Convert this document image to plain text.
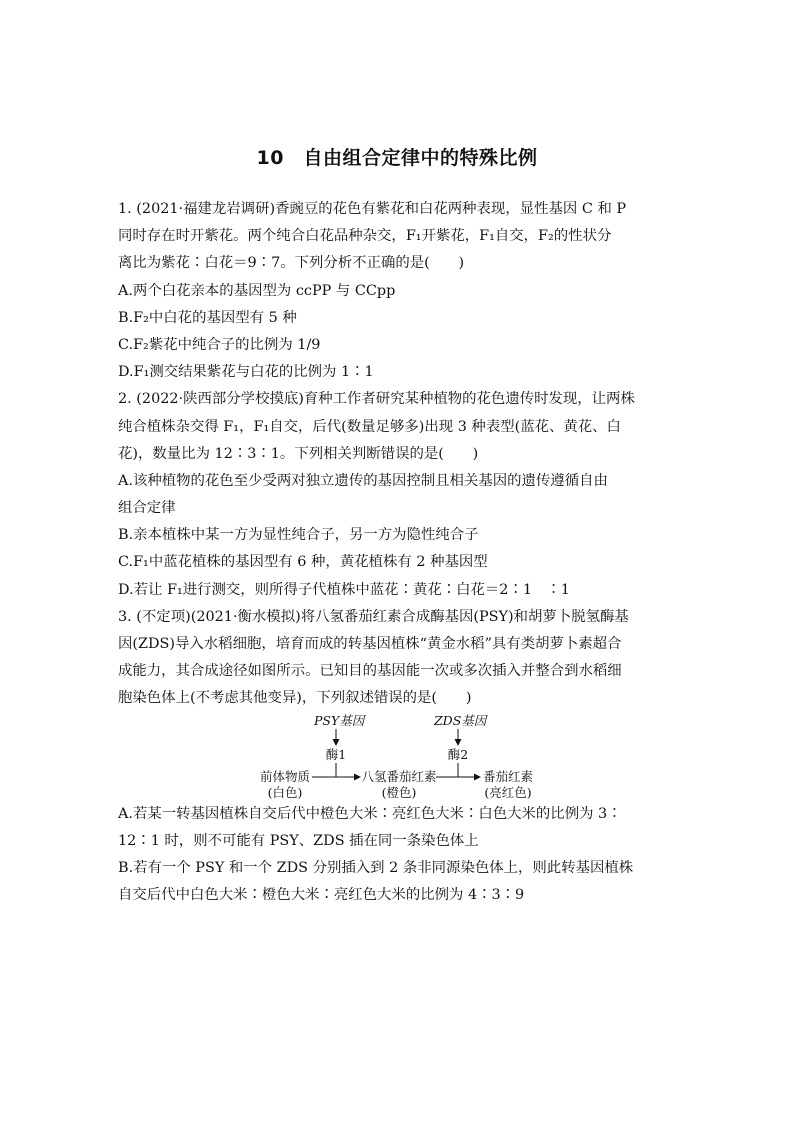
10　自由组合定律中的特殊比例
1. (2021·福建龙岩调研)香豌豆的花色有紫花和白花两种表现，显性基因 C 和 P
同时存在时开紫花。两个纯合白花品种杂交，F₁开紫花，F₁自交，F₂的性状分
离比为紫花∶白花＝9∶7。下列分析不正确的是(　　)
A.两个白花亲本的基因型为 ccPP 与 CCpp
B.F₂中白花的基因型有 5 种
C.F₂紫花中纯合子的比例为 1/9
D.F₁测交结果紫花与白花的比例为 1∶1
2. (2022·陕西部分学校摸底)育种工作者研究某种植物的花色遗传时发现，让两株
纯合植株杂交得 F₁，F₁自交，后代(数量足够多)出现 3 种表型(蓝花、黄花、白
花)，数量比为 12∶3∶1。下列相关判断错误的是(　　)
A.该种植物的花色至少受两对独立遗传的基因控制且相关基因的遗传遵循自由
组合定律
B.亲本植株中某一方为显性纯合子，另一方为隐性纯合子
C.F₁中蓝花植株的基因型有 6 种，黄花植株有 2 种基因型
D.若让 F₁进行测交，则所得子代植株中蓝花∶黄花∶白花＝2∶1　∶1
3. (不定项)(2021·衡水模拟)将八氢番茄红素合成酶基因(PSY)和胡萝卜脱氢酶基
因(ZDS)导入水稻细胞，培育而成的转基因植株“黄金水稻”具有类胡萝卜素超合
成能力，其合成途径如图所示。已知目的基因能一次或多次插入并整合到水稻细
胞染色体上(不考虑其他变异)，下列叙述错误的是(　　)
PSY基因	ZDS基因
酶1	酶2
前体物质
(白色)
八氢番茄红素
(橙色)
番茄红素
(亮红色)
A.若某一转基因植株自交后代中橙色大米∶亮红色大米∶白色大米的比例为 3∶
12∶1 时，则不可能有 PSY、ZDS 插在同一条染色体上
B.若有一个 PSY 和一个 ZDS 分别插入到 2 条非同源染色体上，则此转基因植株
自交后代中白色大米∶橙色大米∶亮红色大米的比例为 4∶3∶9
